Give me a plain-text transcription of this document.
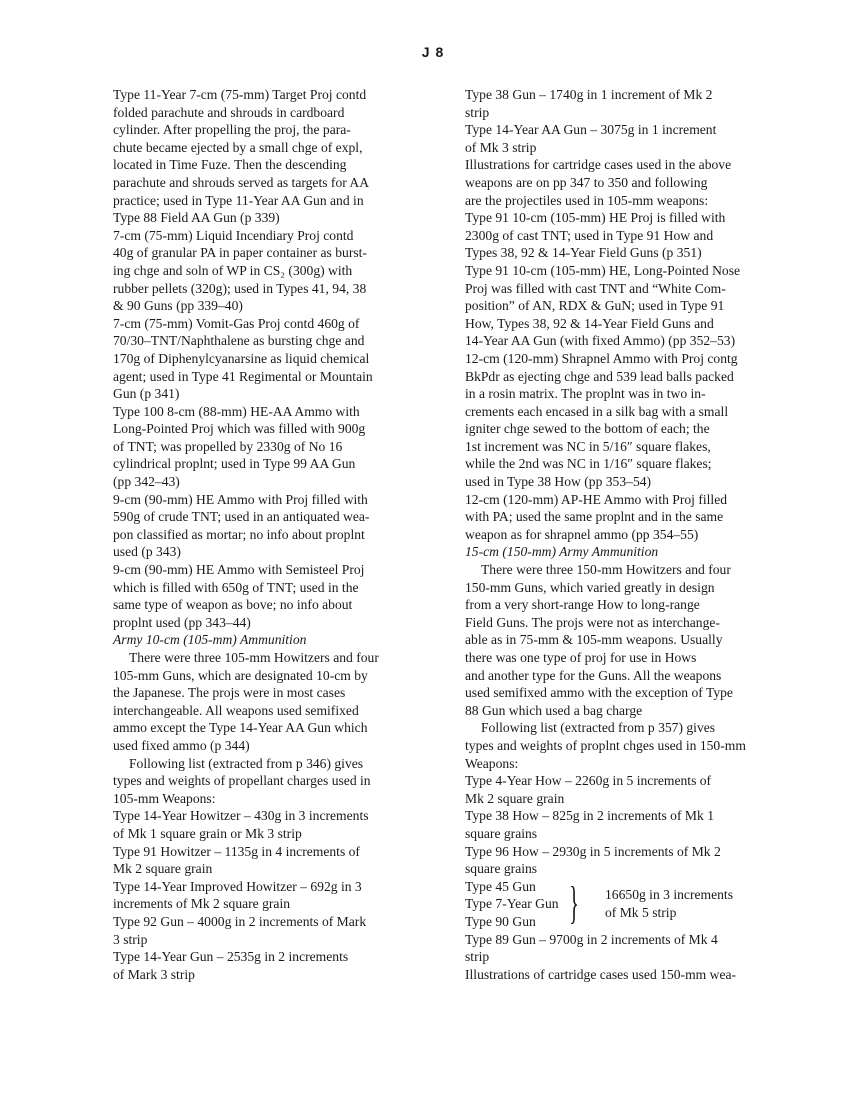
J 8
Type 11-Year 7-cm (75-mm) Target Proj contd
folded parachute and shrouds in cardboard
cylinder. After propelling the proj, the para-
chute became ejected by a small chge of expl,
located in Time Fuze. Then the descending
parachute and shrouds served as targets for AA
practice; used in Type 11-Year AA Gun and in
Type 88 Field AA Gun (p 339)
7-cm (75-mm) Liquid Incendiary Proj contd
40g of granular PA in paper container as burst-
ing chge and soln of WP in CS₂ (300g) with
rubber pellets (320g); used in Types 41, 94, 38
& 90 Guns (pp 339–40)
7-cm (75-mm) Vomit-Gas Proj contd 460g of
70/30–TNT/Naphthalene as bursting chge and
170g of Diphenylcyanarsine as liquid chemical
agent; used in Type 41 Regimental or Mountain
Gun (p 341)
Type 100 8-cm (88-mm) HE-AA Ammo with
Long-Pointed Proj which was filled with 900g
of TNT; was propelled by 2330g of No 16
cylindrical proplnt; used in Type 99 AA Gun
(pp 342–43)
9-cm (90-mm) HE Ammo with Proj filled with
590g of crude TNT; used in an antiquated wea-
pon classified as mortar; no info about proplnt
used (p 343)
9-cm (90-mm) HE Ammo with Semisteel Proj
which is filled with 650g of TNT; used in the
same type of weapon as bove; no info about
proplnt used (pp 343–44)
Army 10-cm (105-mm) Ammunition
There were three 105-mm Howitzers and four
105-mm Guns, which are designated 10-cm by
the Japanese. The projs were in most cases
interchangeable. All weapons used semifixed
ammo except the Type 14-Year AA Gun which
used fixed ammo (p 344)
Following list (extracted from p 346) gives
types and weights of propellant charges used in
105-mm Weapons:
Type 14-Year Howitzer – 430g in 3 increments
of Mk 1 square grain or Mk 3 strip
Type 91 Howitzer – 1135g in 4 increments of
Mk 2 square grain
Type 14-Year Improved Howitzer – 692g in 3
increments of Mk 2 square grain
Type 92 Gun – 4000g in 2 increments of Mark
3 strip
Type 14-Year Gun – 2535g in 2 increments
of Mark 3 strip
Type 38 Gun – 1740g in 1 increment of Mk 2
strip
Type 14-Year AA Gun – 3075g in 1 increment
of Mk 3 strip
Illustrations for cartridge cases used in the above
weapons are on pp 347 to 350 and following
are the projectiles used in 105-mm weapons:
Type 91 10-cm (105-mm) HE Proj is filled with
2300g of cast TNT; used in Type 91 How and
Types 38, 92 & 14-Year Field Guns (p 351)
Type 91 10-cm (105-mm) HE, Long-Pointed Nose
Proj was filled with cast TNT and “White Com-
position” of AN, RDX & GuN; used in Type 91
How, Types 38, 92 & 14-Year Field Guns and
14-Year AA Gun (with fixed Ammo) (pp 352–53)
12-cm (120-mm) Shrapnel Ammo with Proj contg
BkPdr as ejecting chge and 539 lead balls packed
in a rosin matrix. The proplnt was in two in-
crements each encased in a silk bag with a small
igniter chge sewed to the bottom of each; the
1st increment was NC in 5/16″ square flakes,
while the 2nd was NC in 1/16″ square flakes;
used in Type 38 How (pp 353–54)
12-cm (120-mm) AP-HE Ammo with Proj filled
with PA; used the same proplnt and in the same
weapon as for shrapnel ammo (pp 354–55)
15-cm (150-mm) Army Ammunition
There were three 150-mm Howitzers and four
150-mm Guns, which varied greatly in design
from a very short-range How to long-range
Field Guns. The projs were not as interchange-
able as in 75-mm & 105-mm weapons. Usually
there was one type of proj for use in Hows
and another type for the Guns. All the weapons
used semifixed ammo with the exception of Type
88 Gun which used a bag charge
Following list (extracted from p 357) gives
types and weights of proplnt chges used in 150-mm
Weapons:
Type 4-Year How – 2260g in 5 increments of
Mk 2 square grain
Type 38 How – 825g in 2 increments of Mk 1
square grains
Type 96 How – 2930g in 5 increments of Mk 2
square grains
Type 45 Gun
Type 7-Year Gun
Type 90 Gun } 16650g in 3 increments
of Mk 5 strip
Type 89 Gun – 9700g in 2 increments of Mk 4
strip
Illustrations of cartridge cases used 150-mm wea-
